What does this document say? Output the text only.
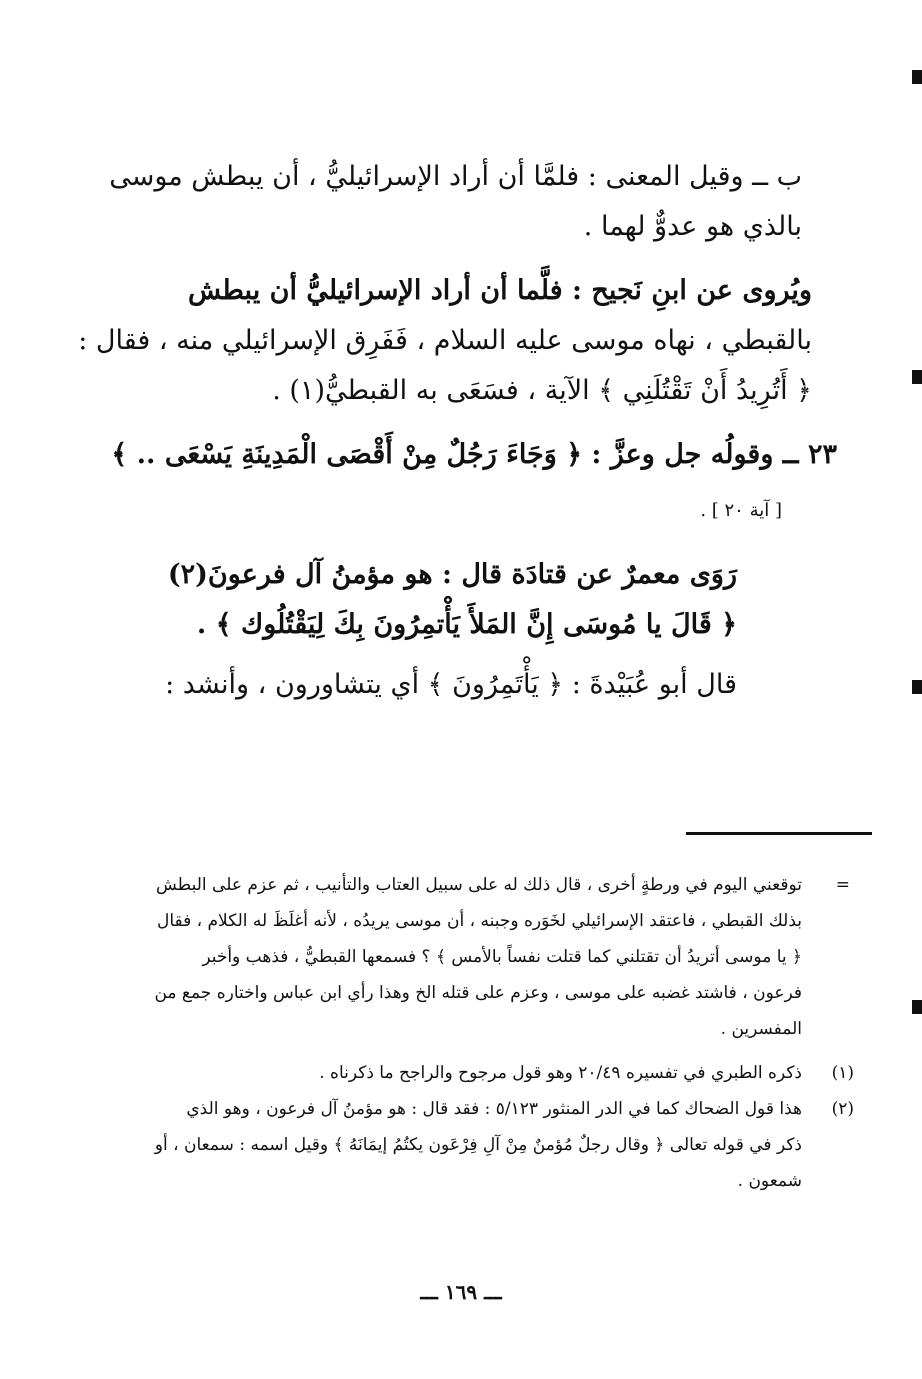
ب ــ وقيل المعنى : فلمَّا أن أراد الإسرائيليُّ ، أن يبطش موسى
بالذي هو عدوٌّ لهما .
ويُروى عن ابنِ نَجيح : فلَّما أن أراد الإسرائيليُّ أن يبطش
بالقبطي ، نهاه موسى عليه السلام ، فَفَرِق الإسرائيلي منه ، فقال :
﴿ أَتُرِيدُ أَنْ تَقْتُلَنِي ﴾ الآية ، فسَعَى به القبطيُّ(١) .
٢٣ ــ وقولُه جل وعزَّ : ﴿ وَجَاءَ رَجُلٌ مِنْ أَقْصَى الْمَدِينَةِ يَسْعَى .. ﴾
[ آية ٢٠ ] .
رَوَى معمرٌ عن قتادَة قال : هو مؤمنُ آل فرعونَ(٢)
﴿ قَالَ يا مُوسَى إِنَّ المَلأَ يَأْتمِرُونَ بِكَ لِيَقْتُلُوك ﴾ .
قال أبو عُبَيْدةَ : ﴿ يَأْتَمِرُونَ ﴾ أي يتشاورون ، وأنشد :
=
توقعني اليوم في ورطةٍ أخرى ، قال ذلك له على سبيل العتاب والتأنيب ، ثم عزم على البطش
بذلك القبطي ، فاعتقد الإسرائيلي لخَوَره وجبنه ، أن موسى يريدُه ، لأنه أغلَظَ له الكلام ، فقال
﴿ يا موسى أتريدُ أن تقتلني كما قتلت نفساً بالأمس ﴾ ؟ فسمعها القبطيُّ ، فذهب وأخبر
فرعون ، فاشتد غضبه على موسى ، وعزم على قتله الخ وهذا رأي ابن عباس واختاره جمع من
المفسرين .
(١)
ذكره الطبري في تفسيره ٢٠/٤٩ وهو قول مرجوح والراجح ما ذكرناه .
(٢)
هذا قول الضحاك كما في الدر المنثور ٥/١٢٣ : فقد قال : هو مؤمنُ آل فرعون ، وهو الذي
ذكر في قوله تعالى ﴿ وقال رجلٌ مُؤمنٌ مِنْ آلِ فِرْعَون يكتُمُ إيمَانَهُ ﴾ وقيل اسمه : سمعان ، أو
شمعون .
ـــ ١٦٩ ـــ
